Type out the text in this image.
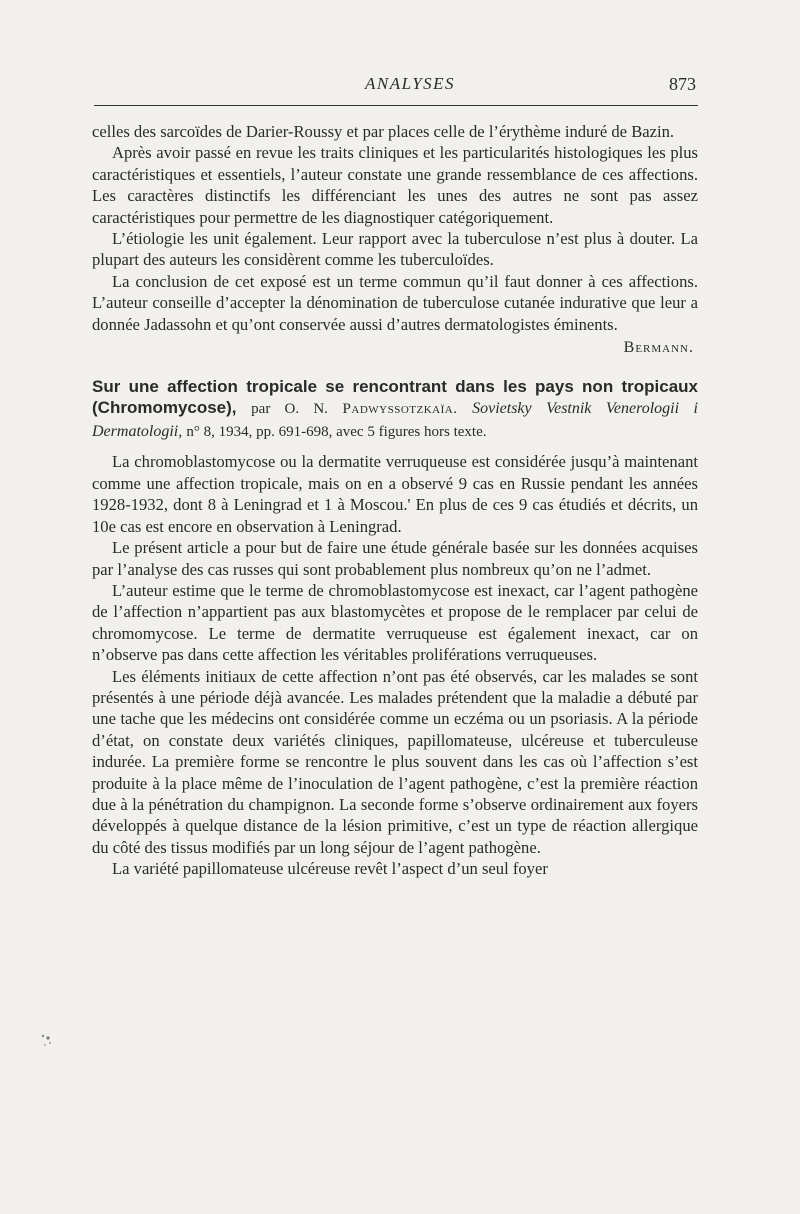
ANALYSES	873

celles des sarcoïdes de Darier-Roussy et par places celle de l’érythème induré de Bazin.

Après avoir passé en revue les traits cliniques et les particularités histologiques les plus caractéristiques et essentiels, l’auteur constate une grande ressemblance de ces affections. Les caractères distinctifs les différenciant les unes des autres ne sont pas assez caractéristiques pour permettre de les diagnostiquer catégoriquement.

L’étiologie les unit également. Leur rapport avec la tuberculose n’est plus à douter. La plupart des auteurs les considèrent comme les tuberculoïdes.

La conclusion de cet exposé est un terme commun qu’il faut donner à ces affections. L’auteur conseille d’accepter la dénomination de tuberculose cutanée indurative que leur a donnée Jadassohn et qu’ont conservée aussi d’autres dermatologistes éminents.

Bermann.
Sur une affection tropicale se rencontrant dans les pays non tropicaux (Chromomycose), par O. N. Padwyssotzkaïa. Sovietsky Vestnik Venerologii i Dermatologii, n° 8, 1934, pp. 691-698, avec 5 figures hors texte.

La chromoblastomycose ou la dermatite verruqueuse est considérée jusqu’à maintenant comme une affection tropicale, mais on en a observé 9 cas en Russie pendant les années 1928-1932, dont 8 à Leningrad et 1 à Moscou.' En plus de ces 9 cas étudiés et décrits, un 10e cas est encore en observation à Leningrad.

Le présent article a pour but de faire une étude générale basée sur les données acquises par l’analyse des cas russes qui sont probablement plus nombreux qu’on ne l’admet.

L’auteur estime que le terme de chromoblastomycose est inexact, car l’agent pathogène de l’affection n’appartient pas aux blastomycètes et propose de le remplacer par celui de chromomycose. Le terme de dermatite verruqueuse est également inexact, car on n’observe pas dans cette affection les véritables proliférations verruqueuses.

Les éléments initiaux de cette affection n’ont pas été observés, car les malades se sont présentés à une période déjà avancée. Les malades prétendent que la maladie a débuté par une tache que les médecins ont considérée comme un eczéma ou un psoriasis. A la période d’état, on constate deux variétés cliniques, papillomateuse, ulcéreuse et tuberculeuse indurée. La première forme se rencontre le plus souvent dans les cas où l’affection s’est produite à la place même de l’inoculation de l’agent pathogène, c’est la première réaction due à la pénétration du champignon. La seconde forme s’observe ordinairement aux foyers développés à quelque distance de la lésion primitive, c’est un type de réaction allergique du côté des tissus modifiés par un long séjour de l’agent pathogène.

La variété papillomateuse ulcéreuse revêt l’aspect d’un seul foyer
